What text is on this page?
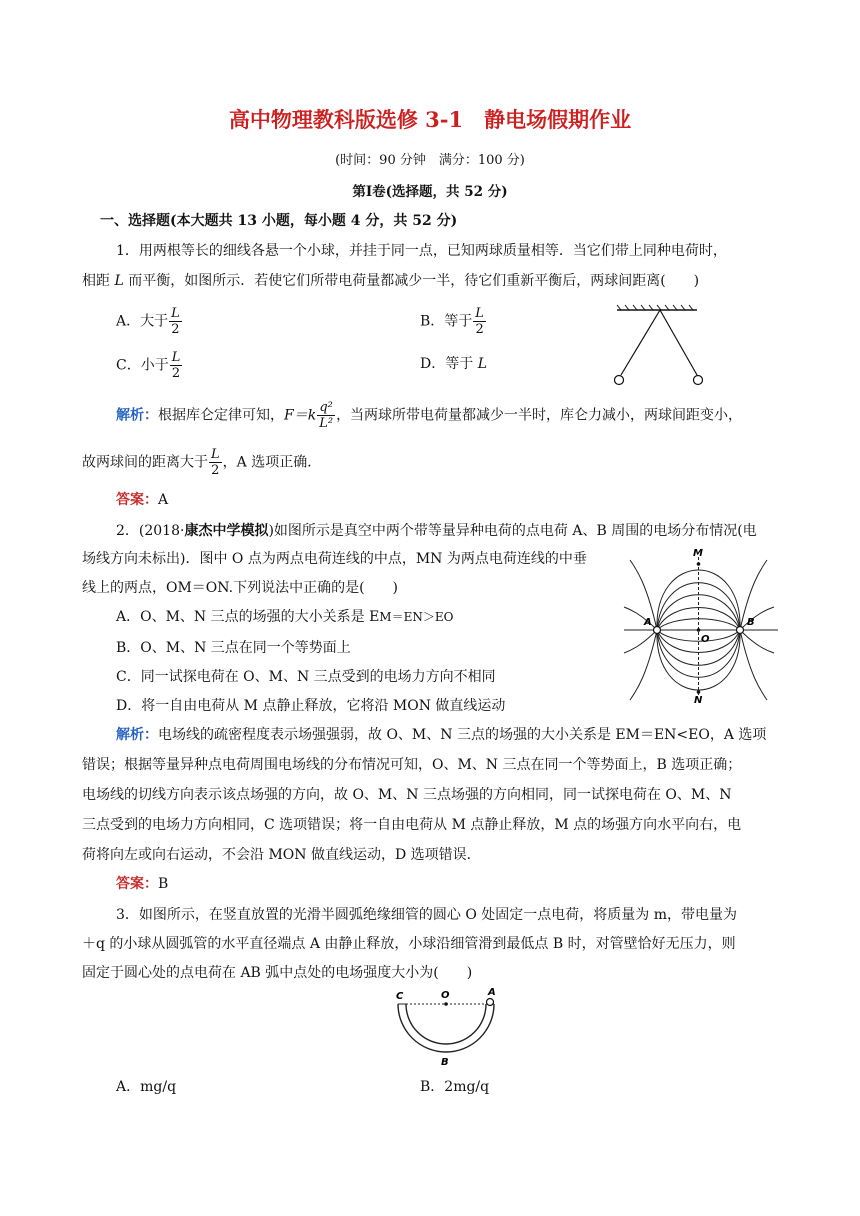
高中物理教科版选修 3-1　静电场假期作业
(时间：90 分钟　满分：100 分)
第Ⅰ卷(选择题，共 52 分)
一、选择题(本大题共 13 小题，每小题 4 分，共 52 分)
1．用两根等长的细线各悬一个小球，并挂于同一点，已知两球质量相等．当它们带上同种电荷时，
相距 L 而平衡，如图所示．若使它们所带电荷量都减少一半，待它们重新平衡后，两球间距离(　　)
A．大于 $\frac{L}{2}$	B．等于 $\frac{L}{2}$
C．小于 $\frac{L}{2}$	D．等于 L
解析：根据库仑定律可知，$F=k \frac{\text{q²}}{\text{L²}}$ ，当两球所带电荷量都减少一半时，库仑力减小，两球间距变小，
故两球间的距离大于 $\frac{L}{2}$ ，A 选项正确．
答案：A
2．(2018·康杰中学模拟)如图所示是真空中两个带等量异种电荷的点电荷 A、B 周围的电场分布情况(电
场线方向未标出)．图中 O 点为两点电荷连线的中点，MN 为两点电荷连线的中垂
线上的两点，OM＝ON.下列说法中正确的是(　　)
A．O、M、N 三点的场强的大小关系是 EM＝EN＞EO
B．O、M、N 三点在同一个等势面上
C．同一试探电荷在 O、M、N 三点受到的电场力方向不相同
D．将一自由电荷从 M 点静止释放，它将沿 MON 做直线运动
M
N
A	B
O
解析：电场线的疏密程度表示场强强弱，故 O、M、N 三点的场强的大小关系是 EM＝EN<EO，A 选项
错误；根据等量异种点电荷周围电场线的分布情况可知，O、M、N 三点在同一个等势面上，B 选项正确；
电场线的切线方向表示该点场强的方向，故 O、M、N 三点场强的方向相同，同一试探电荷在 O、M、N
三点受到的电场力方向相同，C 选项错误；将一自由电荷从 M 点静止释放，M 点的场强方向水平向右，电
荷将向左或向右运动，不会沿 MON 做直线运动，D 选项错误．
答案：B
3．如图所示，在竖直放置的光滑半圆弧绝缘细管的圆心 O 处固定一点电荷，将质量为 m，带电量为
＋q 的小球从圆弧管的水平直径端点 A 由静止释放，小球沿细管滑到最低点 B 时，对管壁恰好无压力，则
固定于圆心处的点电荷在 AB 弧中点处的电场强度大小为(　　)
C	O	A
B
A．mg/q	B．2mg/q
